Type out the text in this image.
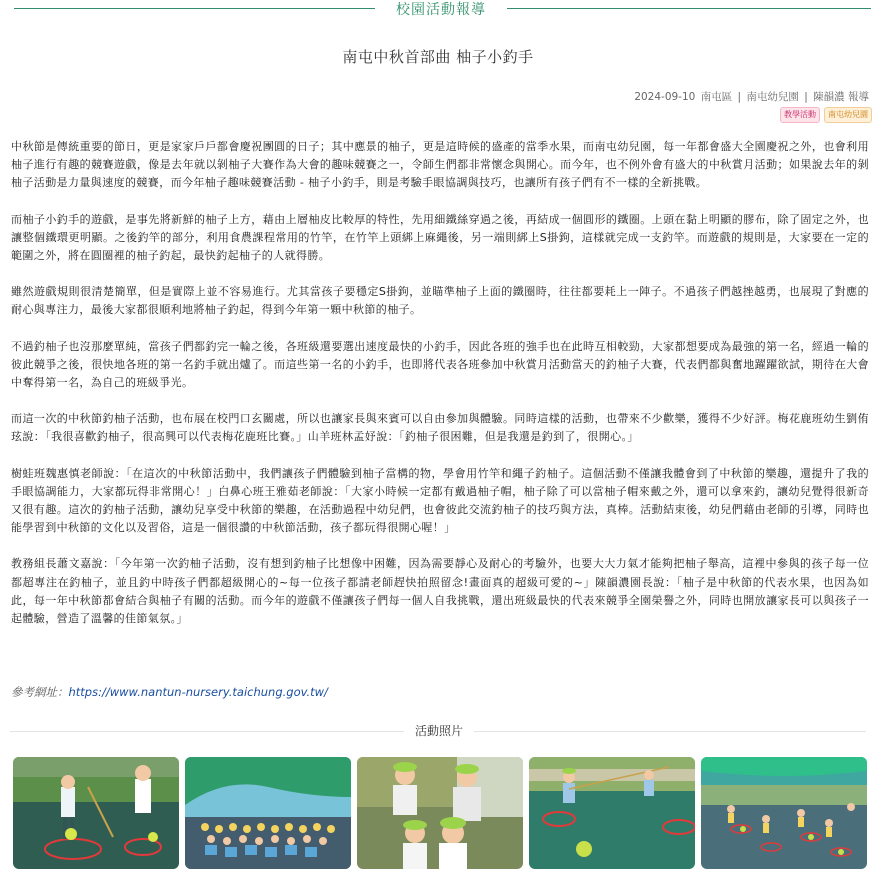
校園活動報導
南屯中秋首部曲 柚子小釣手
2024-09-10 南屯區 | 南屯幼兒園 | 陳韻濃 報導
教學活動	南屯幼兒園

中秋節是傳統重要的節日，更是家家戶戶都會慶祝團圓的日子；其中應景的柚子，更是這時候的盛產的當季水果，而南屯幼兒園，每一年都會盛大全園慶祝之外，也會利用柚子進行有趣的競賽遊戲，像是去年就以剝柚子大賽作為大會的趣味競賽之一，令師生們都非常懷念與開心。而今年，也不例外會有盛大的中秋賞月活動；如果說去年的剝柚子活動是力量與速度的競賽，而今年柚子趣味競賽活動 - 柚子小釣手，則是考驗手眼協調與技巧，也讓所有孩子們有不一樣的全新挑戰。

而柚子小釣手的遊戲，是事先將新鮮的柚子上方，藉由上層柚皮比較厚的特性，先用細鐵絲穿過之後，再結成一個圓形的鐵圈。上頭在黏上明顯的膠布，除了固定之外，也讓整個鐵環更明顯。之後釣竿的部分，利用食農課程常用的竹竿，在竹竿上頭綁上麻繩後，另一端則綁上S掛鉤，這樣就完成一支釣竿。而遊戲的規則是，大家要在一定的範圍之外，將在圓圈裡的柚子釣起，最快釣起柚子的人就得勝。

雖然遊戲規則很清楚簡單，但是實際上並不容易進行。尤其當孩子要穩定S掛鉤，並瞄準柚子上面的鐵圈時，往往都要耗上一陣子。不過孩子們越挫越勇，也展現了對應的耐心與專注力，最後大家都很順利地將柚子釣起，得到今年第一顆中秋節的柚子。

不過釣柚子也沒那麼單純，當孩子們都釣完一輪之後，各班級還要選出速度最快的小釣手，因此各班的強手也在此時互相較勁，大家都想要成為最強的第一名，經過一輪的彼此競爭之後，很快地各班的第一名釣手就出爐了。而這些第一名的小釣手，也即將代表各班參加中秋賞月活動當天的釣柚子大賽，代表們都與奮地躍躍欲試，期待在大會中奪得第一名，為自己的班級爭光。

而這一次的中秋節釣柚子活動，也布展在校門口玄關處，所以也讓家長與來賓可以自由參加與體驗。同時這樣的活動，也帶來不少歡樂，獲得不少好評。梅花鹿班幼生劉侑玹說：「我很喜歡釣柚子，很高興可以代表梅花鹿班比賽。」山羊班林孟妤說：「釣柚子很困難，但是我還是釣到了，很開心。」

樹蛙班魏惠慎老師說：「在這次的中秋節活動中，我們讓孩子們體驗到柚子當構的物，學會用竹竿和繩子釣柚子。這個活動不僅讓我體會到了中秋節的樂趣，還提升了我的手眼協調能力，大家都玩得非常開心！」白鼻心班王雅茹老師說：「大家小時候一定都有戴過柚子帽，柚子除了可以當柚子帽來戴之外，還可以拿來釣，讓幼兒覺得很新奇又很有趣。這次的釣柚子活動，讓幼兒享受中秋節的樂趣，在活動過程中幼兒們，也會彼此交流釣柚子的技巧與方法，真棒。活動結束後，幼兒們藉由老師的引導，同時也能學習到中秋節的文化以及習俗，這是一個很讚的中秋節活動，孩子都玩得很開心喔！」

教務組長蕭文嘉說：「今年第一次釣柚子活動，沒有想到釣柚子比想像中困難，因為需要靜心及耐心的考驗外，也要大大力氣才能夠把柚子舉高，這裡中參與的孩子每一位都超專注在釣柚子，並且釣中時孩子們都超級開心的~每一位孩子都請老師趕快拍照留念!畫面真的超級可愛的~」陳韻濃園長說：「柚子是中秋節的代表水果，也因為如此，每一年中秋節都會結合與柚子有關的活動。而今年的遊戲不僅讓孩子們每一個人自我挑戰，還出班級最快的代表來競爭全園榮譽之外，同時也開放讓家長可以與孩子一起體驗，營造了溫馨的佳節氣氛。」

參考網址：https://www.nantun-nursery.taichung.gov.tw/
活動照片
